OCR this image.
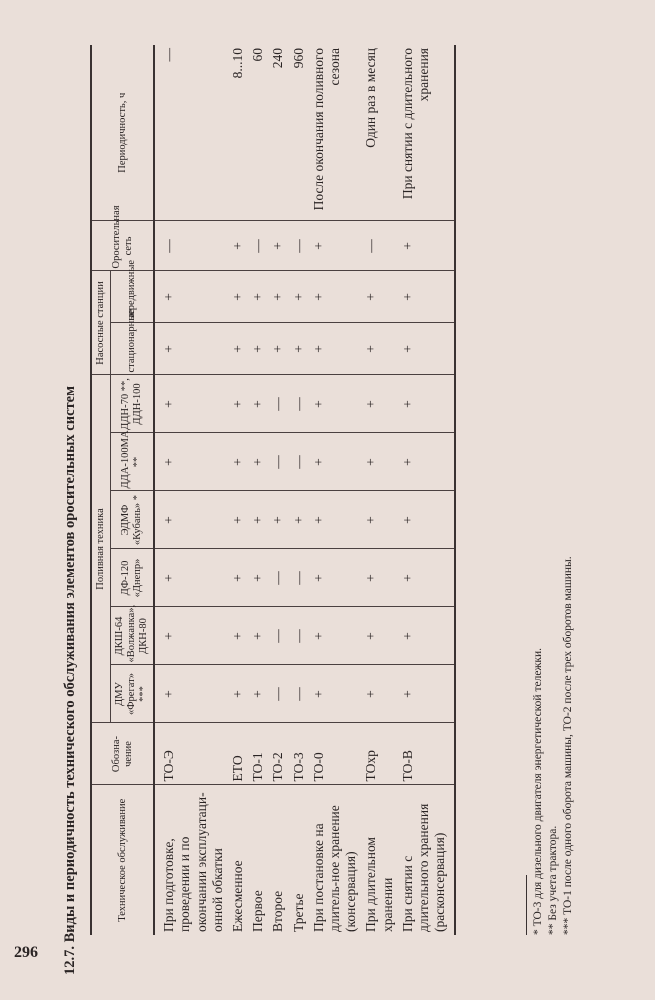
296 12.7. Виды и периодичность технического обслуживания элементов оросительных систем	Техническое обслуживание	Обозна-
чение	Поливная техника						Насосные станции		Оросительная сеть	Периодичность, ч
		ДМУ «Фрегат» ***	ДКШ-64 «Волжанка», ДКН-80	ДФ-120 «Днепр»	ЭДМФ «Кубань» *	ДДА-100МА **	ДДН-70 **, ДДН-100	стационарные	передвижные		
При подготовке, проведении и по окончании эксплуатаци-онной обкатки	ТО-Э	+	+	+	+	+	+	+	+	—	—
Ежесменное	ЕТО	+	+	+	+	+	+	+	+	+	8...10
Первое	ТО-1	+	+	+	+	+	+	+	+	—	60
Второе	ТО-2	—	—	—	+	—	—	+	+	+	240
Третье	ТО-3	—	—	—	+	—	—	+	+	—	960
При постановке на длитель-ное хранение (консервация)	ТО-0	+	+	+	+	+	+	+	+	+	После окончания поливного сезона
При длительном хранении	ТОхр	+	+	+	+	+	+	+	+	—	Один раз в месяц
При снятии с длительного хранения (расконсервация)	ТО-В	+	+	+	+	+	+	+	+	+	При снятии с длительного хранения
* ТО-3 для дизельного двигателя энергетической тележки. ** Без учета трактора. *** ТО-1 после одного оборота машины, ТО-2 после трех оборотов машины.
